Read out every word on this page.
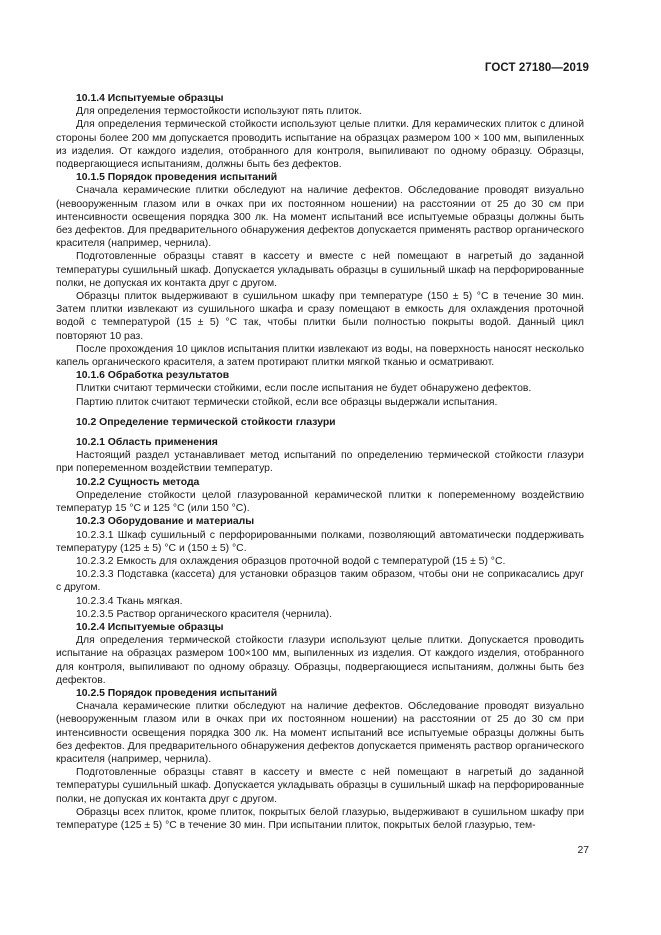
ГОСТ 27180—2019

10.1.4 Испытуемые образцы

Для определения термостойкости используют пять плиток.

Для определения термической стойкости используют целые плитки. Для керамических плиток с длиной стороны более 200 мм допускается проводить испытание на образцах размером 100 × 100 мм, выпиленных из изделия. От каждого изделия, отобранного для контроля, выпиливают по одному образцу. Образцы, подвергающиеся испытаниям, должны быть без дефектов.

10.1.5 Порядок проведения испытаний

Сначала керамические плитки обследуют на наличие дефектов. Обследование проводят визуально (невооруженным глазом или в очках при их постоянном ношении) на расстоянии от 25 до 30 см при интенсивности освещения порядка 300 лк. На момент испытаний все испытуемые образцы должны быть без дефектов. Для предварительного обнаружения дефектов допускается применять раствор органического красителя (например, чернила).

Подготовленные образцы ставят в кассету и вместе с ней помещают в нагретый до заданной температуры сушильный шкаф. Допускается укладывать образцы в сушильный шкаф на перфорированные полки, не допуская их контакта друг с другом.

Образцы плиток выдерживают в сушильном шкафу при температуре (150 ± 5) °С в течение 30 мин. Затем плитки извлекают из сушильного шкафа и сразу помещают в емкость для охлаждения проточной водой с температурой (15 ± 5) °С так, чтобы плитки были полностью покрыты водой. Данный цикл повторяют 10 раз.

После прохождения 10 циклов испытания плитки извлекают из воды, на поверхность наносят несколько капель органического красителя, а затем протирают плитки мягкой тканью и осматривают.

10.1.6 Обработка результатов

Плитки считают термически стойкими, если после испытания не будет обнаружено дефектов.

Партию плиток считают термически стойкой, если все образцы выдержали испытания.

10.2 Определение термической стойкости глазури

10.2.1 Область применения

Настоящий раздел устанавливает метод испытаний по определению термической стойкости глазури при попеременном воздействии температур.

10.2.2 Сущность метода

Определение стойкости целой глазурованной керамической плитки к попеременному воздействию температур 15 °С и 125 °С (или 150 °С).

10.2.3 Оборудование и материалы

10.2.3.1 Шкаф сушильный с перфорированными полками, позволяющий автоматически поддерживать температуру (125 ± 5) °С и (150 ± 5) °С.

10.2.3.2 Емкость для охлаждения образцов проточной водой с температурой (15 ± 5) °С.

10.2.3.3 Подставка (кассета) для установки образцов таким образом, чтобы они не соприкасались друг с другом.

10.2.3.4 Ткань мягкая.

10.2.3.5 Раствор органического красителя (чернила).

10.2.4 Испытуемые образцы

Для определения термической стойкости глазури используют целые плитки. Допускается проводить испытание на образцах размером 100×100 мм, выпиленных из изделия. От каждого изделия, отобранного для контроля, выпиливают по одному образцу. Образцы, подвергающиеся испытаниям, должны быть без дефектов.

10.2.5 Порядок проведения испытаний

Сначала керамические плитки обследуют на наличие дефектов. Обследование проводят визуально (невооруженным глазом или в очках при их постоянном ношении) на расстоянии от 25 до 30 см при интенсивности освещения порядка 300 лк. На момент испытаний все испытуемые образцы должны быть без дефектов. Для предварительного обнаружения дефектов допускается применять раствор органического красителя (например, чернила).

Подготовленные образцы ставят в кассету и вместе с ней помещают в нагретый до заданной температуры сушильный шкаф. Допускается укладывать образцы в сушильный шкаф на перфорированные полки, не допуская их контакта друг с другом.

Образцы всех плиток, кроме плиток, покрытых белой глазурью, выдерживают в сушильном шкафу при температуре (125 ± 5) °С в течение 30 мин. При испытании плиток, покрытых белой глазурью, тем-

27
